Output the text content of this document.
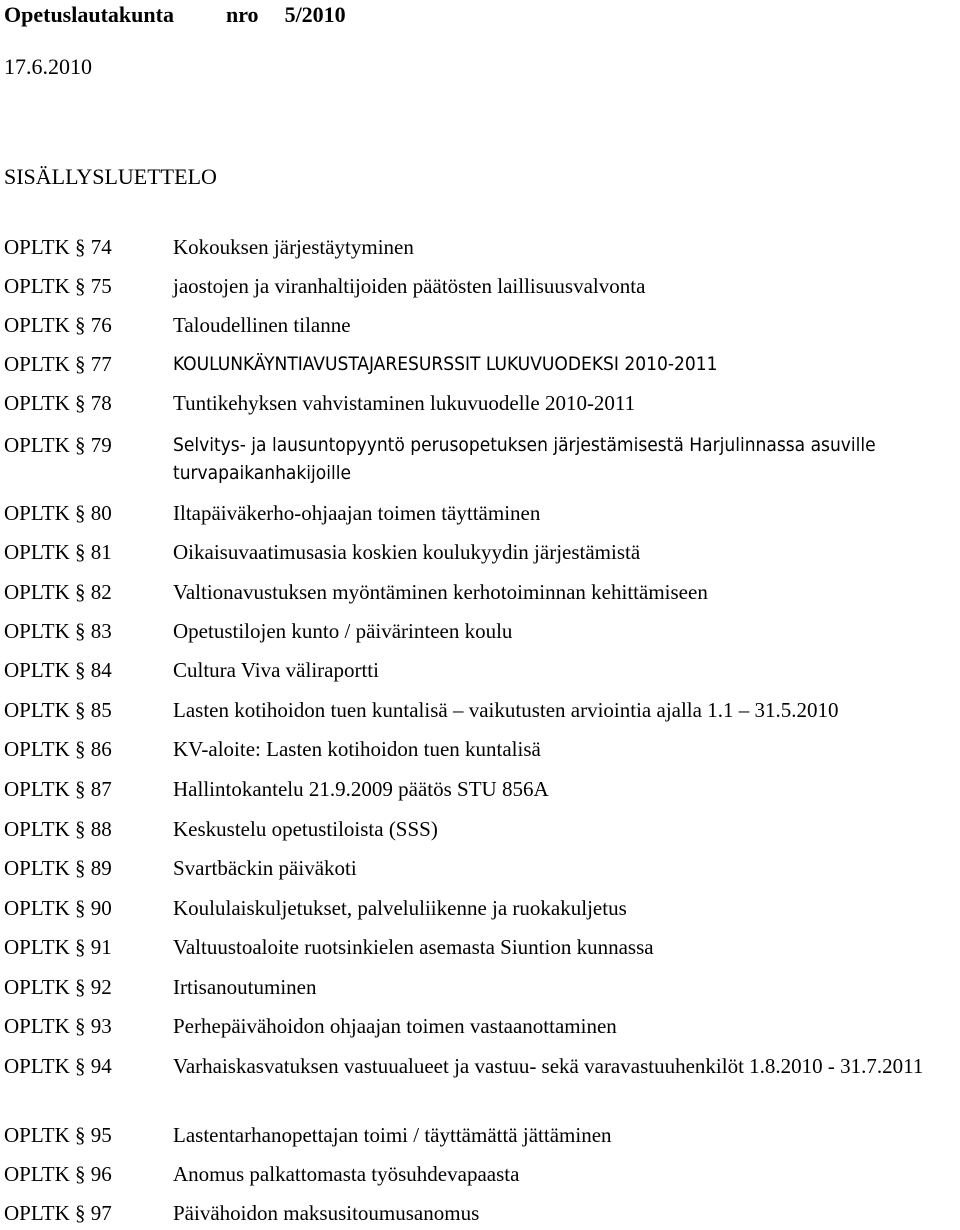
Opetuslautakunta nro 5/2010
17.6.2010
SISÄLLYSLUETTELO
OPLTK § 74	Kokouksen järjestäytyminen
OPLTK § 75	jaostojen ja viranhaltijoiden päätösten laillisuusvalvonta
OPLTK § 76	Taloudellinen tilanne
OPLTK § 77	KOULUNKÄYNTIAVUSTAJARESURSSIT LUKUVUODEKSI 2010-2011
OPLTK § 78	Tuntikehyksen vahvistaminen lukuvuodelle 2010-2011
OPLTK § 79	Selvitys- ja lausuntopyyntö perusopetuksen järjestämisestä Harjulinnassa asuville turvapaikanhakijoille
OPLTK § 80	Iltapäiväkerho-ohjaajan toimen täyttäminen
OPLTK § 81	Oikaisuvaatimusasia koskien koulukyydin järjestämistä
OPLTK § 82	Valtionavustuksen myöntäminen kerhotoiminnan kehittämiseen
OPLTK § 83	Opetustilojen kunto / päivärinteen koulu
OPLTK § 84	Cultura Viva väliraportti
OPLTK § 85	Lasten kotihoidon tuen kuntalisä – vaikutusten arviointia ajalla 1.1 – 31.5.2010
OPLTK § 86	KV-aloite: Lasten kotihoidon tuen kuntalisä
OPLTK § 87	Hallintokantelu 21.9.2009 päätös STU 856A
OPLTK § 88	Keskustelu opetustiloista (SSS)
OPLTK § 89	Svartbäckin päiväkoti
OPLTK § 90	Koululaiskuljetukset, palveluliikenne ja ruokakuljetus
OPLTK § 91	Valtuustoaloite ruotsinkielen asemasta Siuntion kunnassa
OPLTK § 92	Irtisanoutuminen
OPLTK § 93	Perhepäivähoidon ohjaajan toimen vastaanottaminen
OPLTK § 94	Varhaiskasvatuksen vastuualueet ja vastuu- sekä varavastuuhenkilöt 1.8.2010 - 31.7.2011
OPLTK § 95	Lastentarhanopettajan toimi / täyttämättä jättäminen
OPLTK § 96	Anomus palkattomasta työsuhdevapaasta
OPLTK § 97	Päivähoidon maksusitoumusanomus
